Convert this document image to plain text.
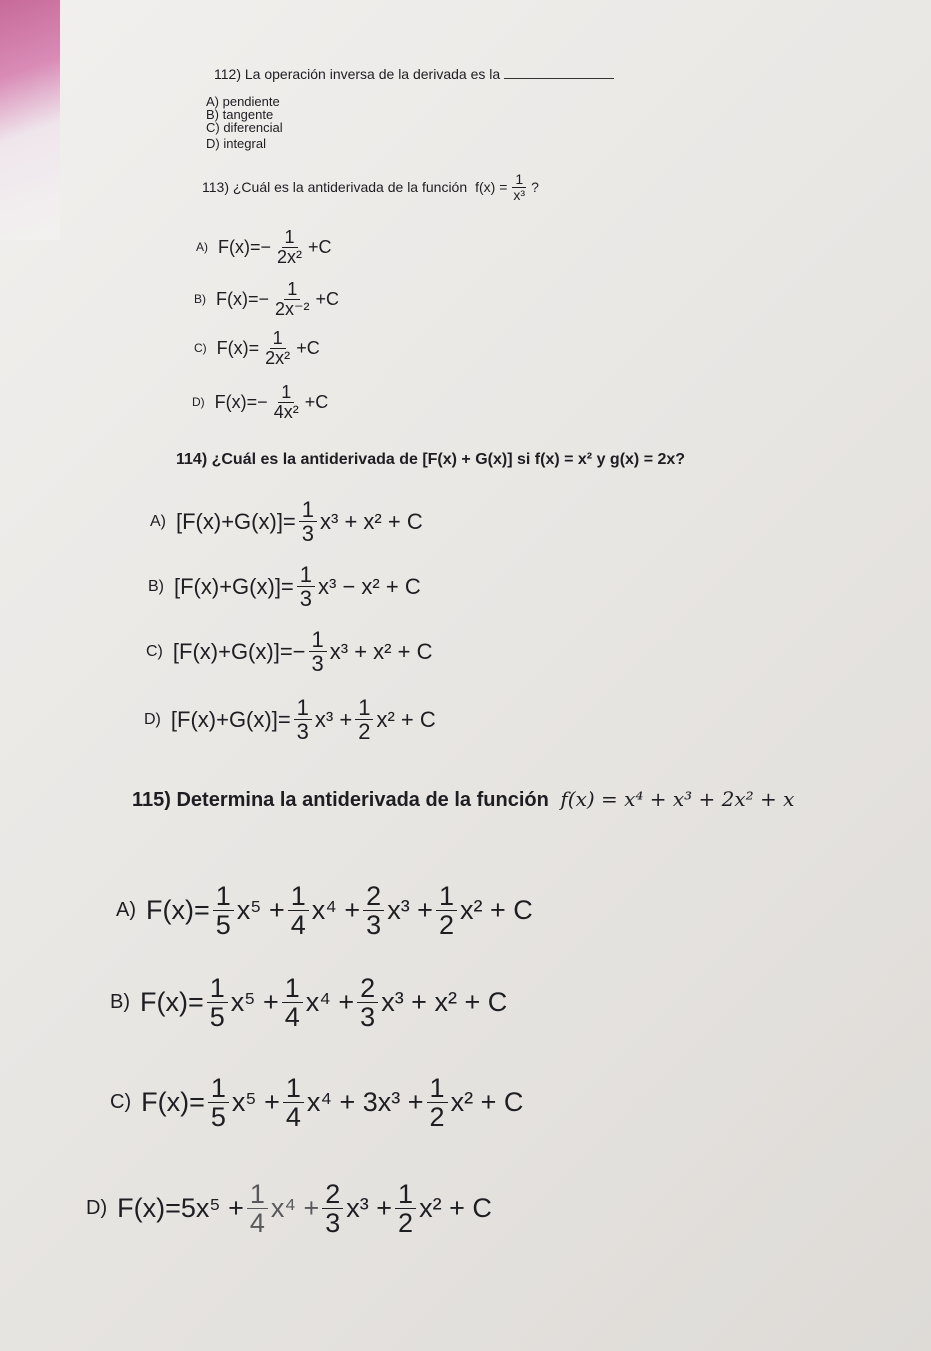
112) La operación inversa de la derivada es la
A) pendiente
B) tangente
C) diferencial
D) integral
113) ¿Cuál es la antiderivada de la función $f(x) = \frac{1}{\text{x³}}$ ?
A) $F(x)=- \frac{1}{\text{2x²}} +C$
B) $F(x)=- \frac{1}{\text{2x⁻²}} +C$
C) $F(x)= \frac{1}{\text{2x²}} +C$
D) $F(x)=- \frac{1}{\text{4x²}} +C$
114) ¿Cuál es la antiderivada de [F(x) + G(x)] si f(x) = x² y g(x) = 2x?
A) $[F(x)+G(x)]= \frac{1}{3} x^3 + x^2 + C$
B) $[F(x)+G(x)]= \frac{1}{3} x^3 - x^2 + C$
C) $[F(x)+G(x)]=- \frac{1}{3} x^3 + x^2 + C$
D) $[F(x)+G(x)]= \frac{1}{3} x^3 + \frac{1}{2} x^2 + C$
115) Determina la antiderivada de la función f(x) = x⁴ + x³ + 2x² + x
A) $F(x)= \frac{1}{5} x^5 + \frac{1}{4} x^4 + \frac{2}{3} x^3 + \frac{1}{2} x^2 + C$
B) $F(x)= \frac{1}{5} x^5 + \frac{1}{4} x^4 + \frac{2}{3} x^3 + x^2 + C$
C) $F(x)= \frac{1}{5} x^5 + \frac{1}{4} x^4 + 3x^3 + \frac{1}{2} x^2 + C$
D) $F(x)=5x^5 + \frac{1}{4} x^4 + \frac{2}{3} x^3 + \frac{1}{2} x^2 + C$
